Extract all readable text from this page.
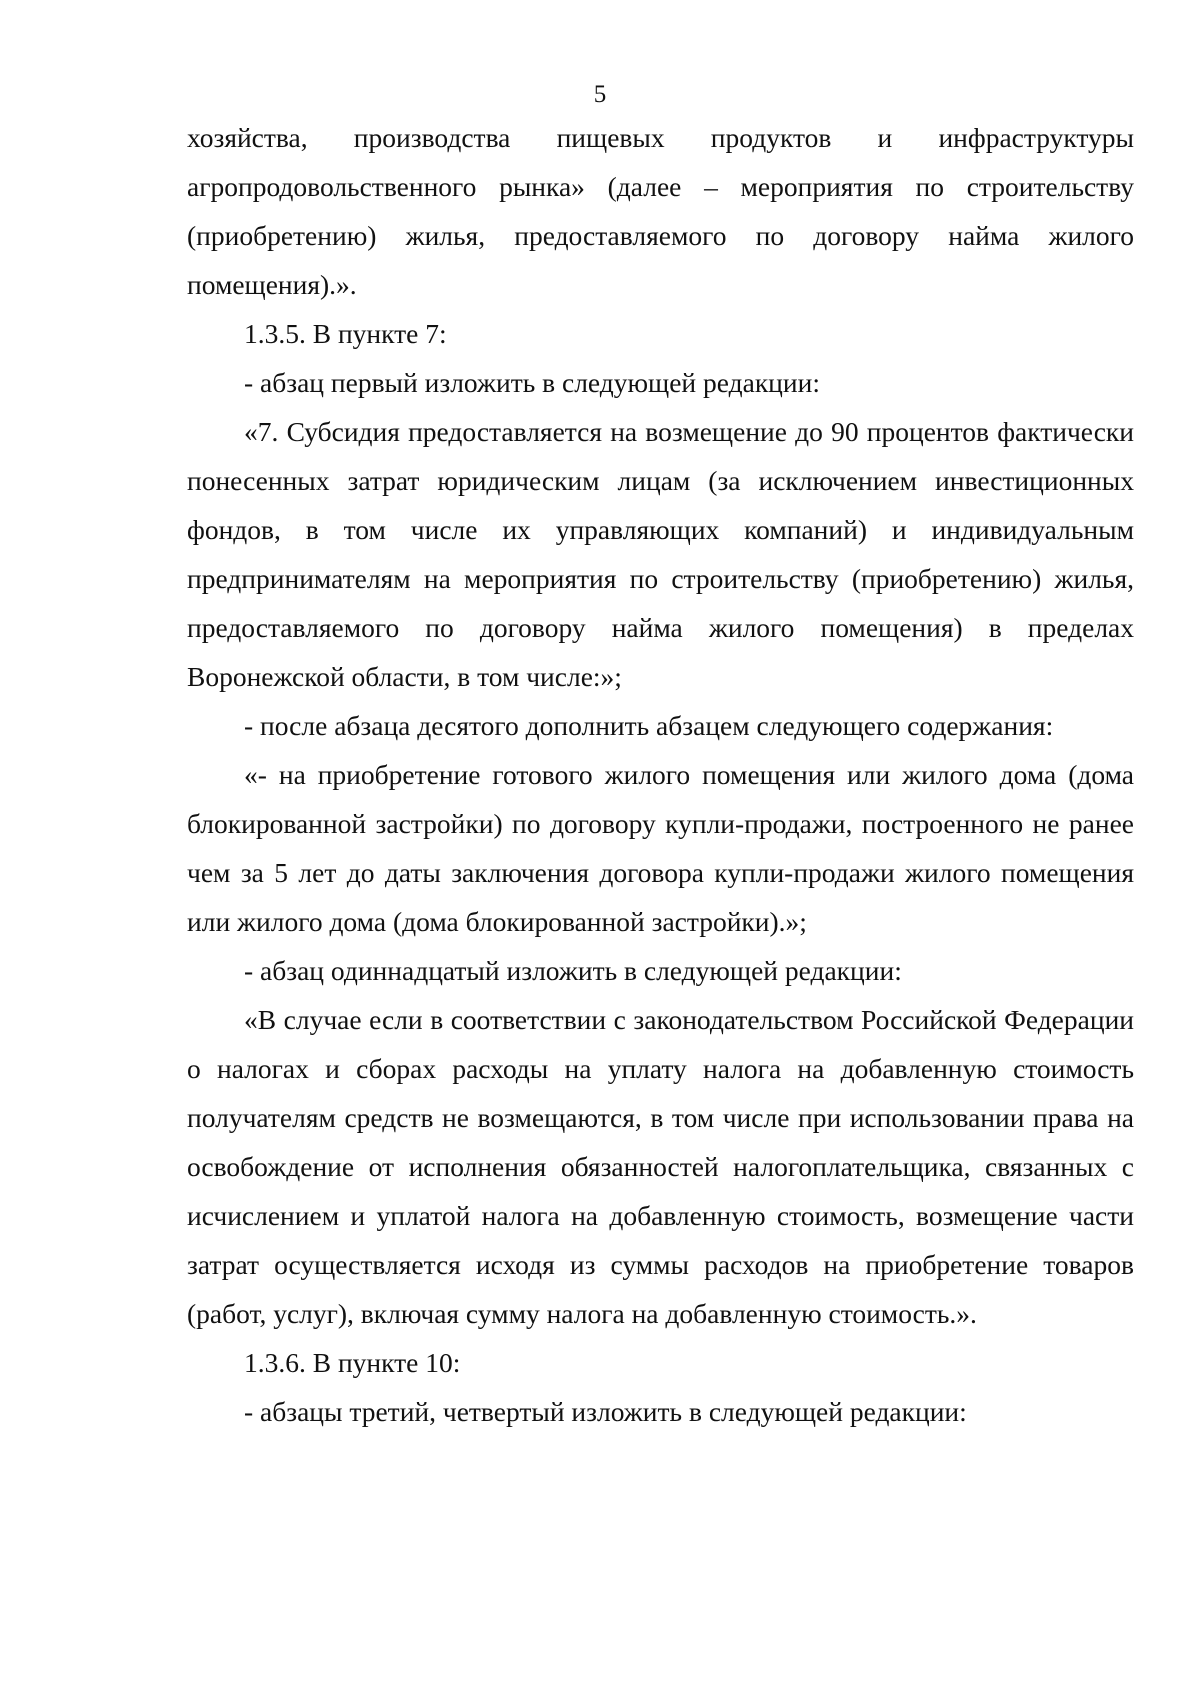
5

хозяйства, производства пищевых продуктов и инфраструктуры агропродовольственного рынка» (далее – мероприятия по строительству (приобретению) жилья, предоставляемого по договору найма жилого помещения).».

1.3.5. В пункте 7:

- абзац первый изложить в следующей редакции:

«7. Субсидия предоставляется на возмещение до 90 процентов фактически понесенных затрат юридическим лицам (за исключением инвестиционных фондов, в том числе их управляющих компаний) и индивидуальным предпринимателям на мероприятия по строительству (приобретению) жилья, предоставляемого по договору найма жилого помещения) в пределах Воронежской области, в том числе:»;

- после абзаца десятого дополнить абзацем следующего содержания:

«- на приобретение готового жилого помещения или жилого дома (дома блокированной застройки) по договору купли-продажи, построенного не ранее чем за 5 лет до даты заключения договора купли-продажи жилого помещения или жилого дома (дома блокированной застройки).»;

- абзац одиннадцатый изложить в следующей редакции:

«В случае если в соответствии с законодательством Российской Федерации о налогах и сборах расходы на уплату налога на добавленную стоимость получателям средств не возмещаются, в том числе при использовании права на освобождение от исполнения обязанностей налогоплательщика, связанных с исчислением и уплатой налога на добавленную стоимость, возмещение части затрат осуществляется исходя из суммы расходов на приобретение товаров (работ, услуг), включая сумму налога на добавленную стоимость.».

1.3.6. В пункте 10:

- абзацы третий, четвертый изложить в следующей редакции:
